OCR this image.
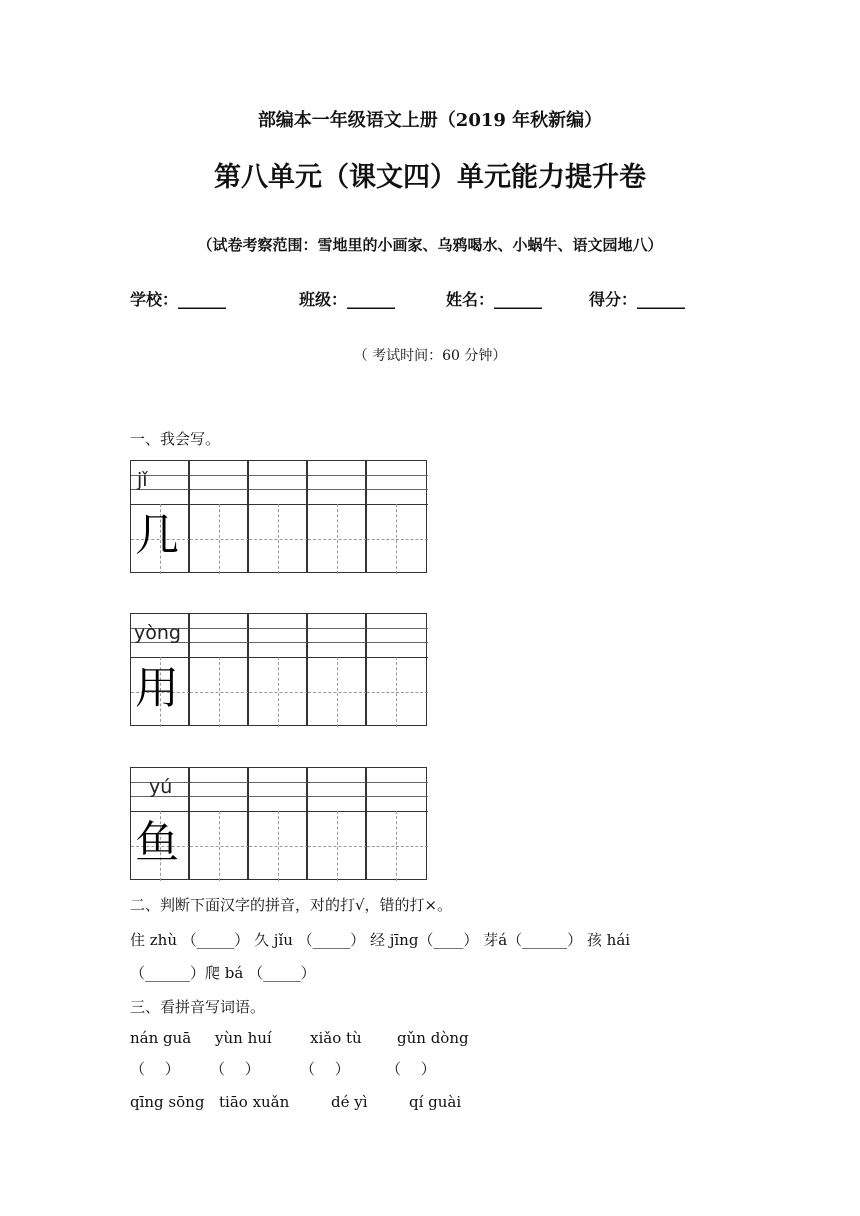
部编本一年级语文上册（2019 年秋新编）
第八单元（课文四）单元能力提升卷
（试卷考察范围：雪地里的小画家、乌鸦喝水、小蜗牛、语文园地八）
学校：______	班级：______	姓名：______	得分：______
（ 考试时间：60 分钟）
一、我会写。
jǐ
几
yòng
用
yú
鱼
二、判断下面汉字的拼音，对的打√，错的打×。
住 zhù （_____） 久 jǐu （_____） 经 jīng（____） 芽á（______） 孩 hái
（______）爬 bá （_____）
三、看拼音写词语。
nán guā yùn huí	xiǎo tù gǔn dòng
（　 ） （　 ）	（　 ） （　 ）
qīng sōng tiāo xuǎn	dé yì	qí guài
